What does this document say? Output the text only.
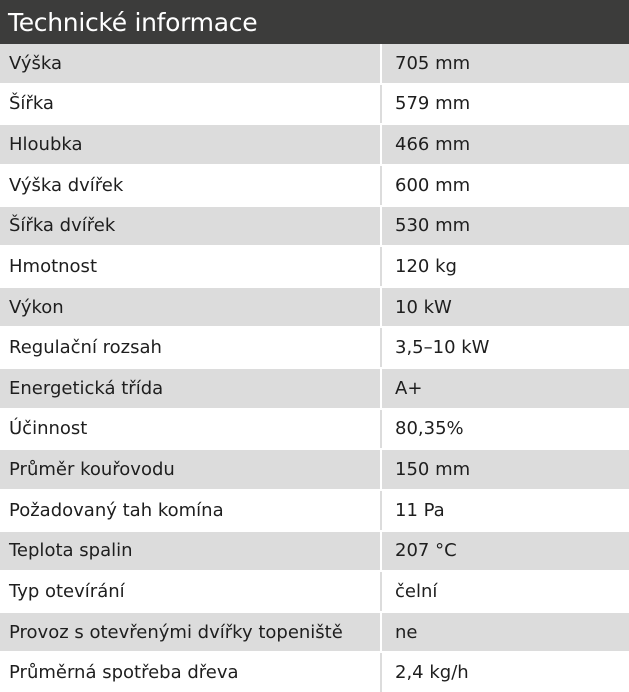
Technické informace
Výška	705 mm
Šířka	579 mm
Hloubka	466 mm
Výška dvířek	600 mm
Šířka dvířek	530 mm
Hmotnost	120 kg
Výkon	10 kW
Regulační rozsah	3,5–10 kW
Energetická třída	A+
Účinnost	80,35%
Průměr kouřovodu	150 mm
Požadovaný tah komína	11 Pa
Teplota spalin	207 °C
Typ otevírání	čelní
Provoz s otevřenými dvířky topeniště	ne
Průměrná spotřeba dřeva	2,4 kg/h
